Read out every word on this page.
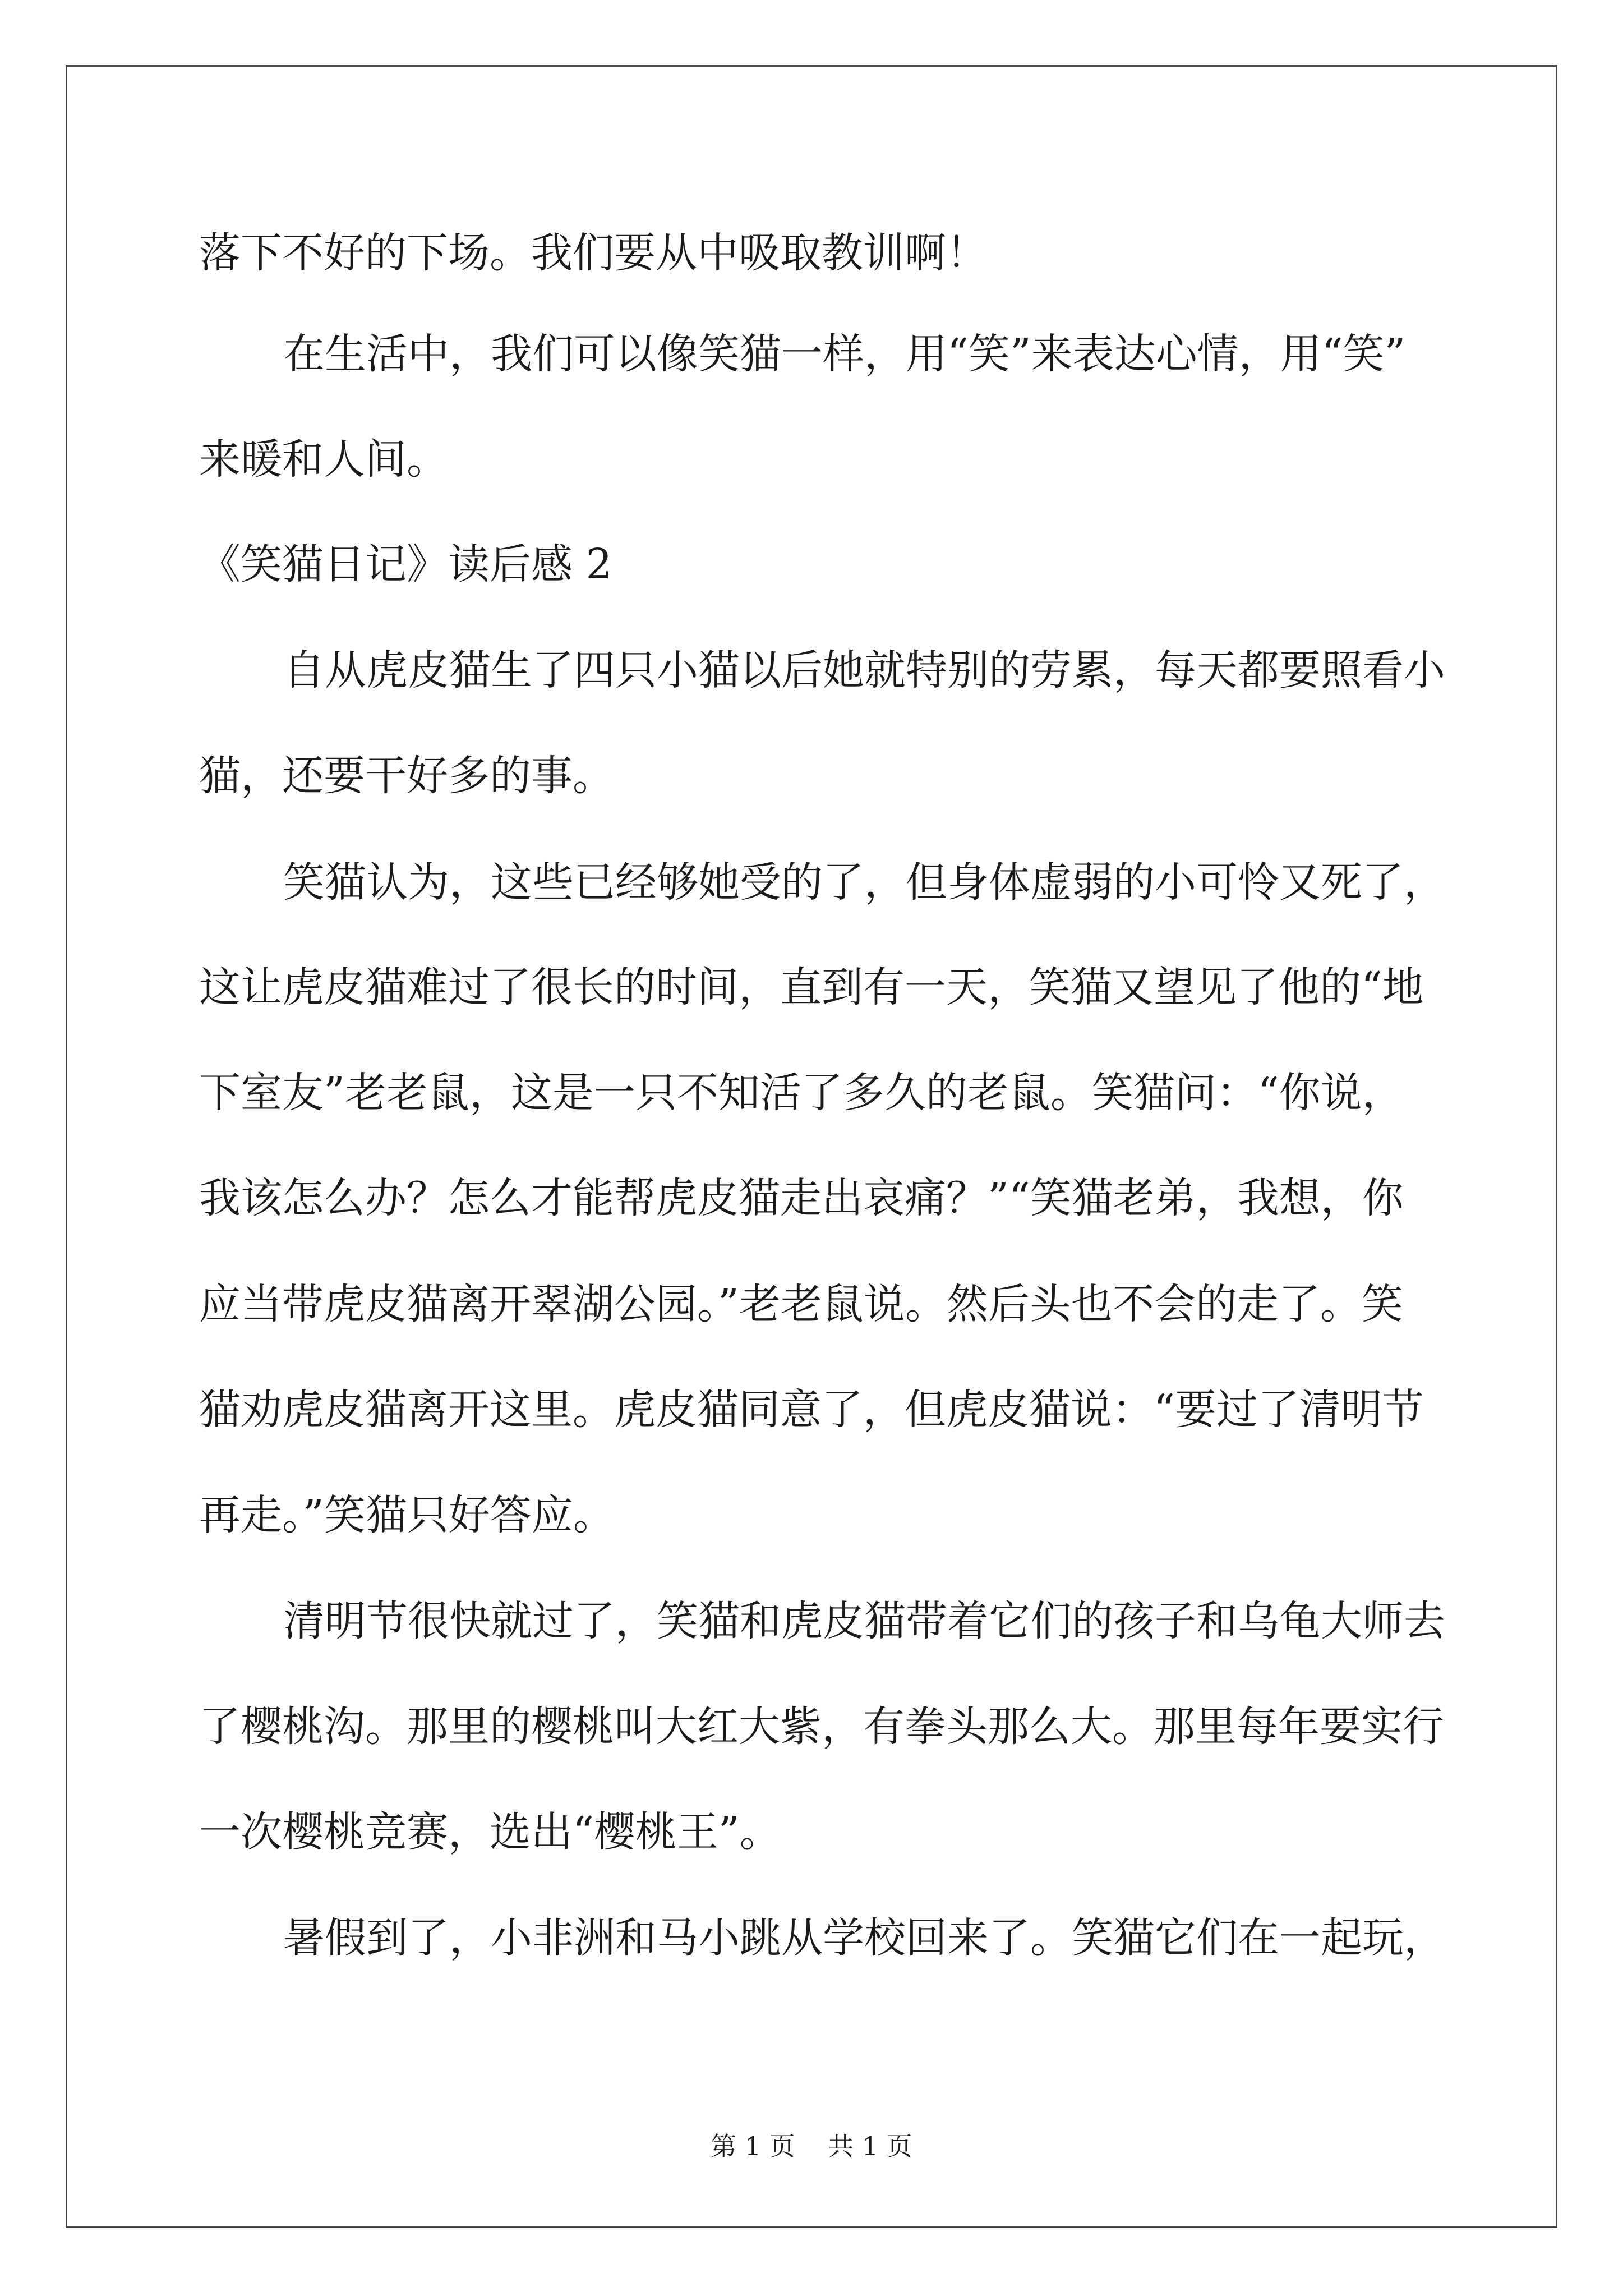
落下不好的下场。我们要从中吸取教训啊！

在生活中，我们可以像笑猫一样，用“笑”来表达心情，用“笑”

来暖和人间。

《笑猫日记》读后感 2

自从虎皮猫生了四只小猫以后她就特别的劳累，每天都要照看小

猫，还要干好多的事。

笑猫认为，这些已经够她受的了，但身体虚弱的小可怜又死了，

这让虎皮猫难过了很长的时间，直到有一天，笑猫又望见了他的“地

下室友”老老鼠，这是一只不知活了多久的老鼠。笑猫问：“你说，

我该怎么办？怎么才能帮虎皮猫走出哀痛？”“笑猫老弟，我想，你

应当带虎皮猫离开翠湖公园。”老老鼠说。然后头也不会的走了。笑

猫劝虎皮猫离开这里。虎皮猫同意了，但虎皮猫说：“要过了清明节

再走。”笑猫只好答应。

清明节很快就过了，笑猫和虎皮猫带着它们的孩子和乌龟大师去

了樱桃沟。那里的樱桃叫大红大紫，有拳头那么大。那里每年要实行

一次樱桃竞赛，选出“樱桃王”。

暑假到了，小非洲和马小跳从学校回来了。笑猫它们在一起玩，

第 1 页    共 1 页
